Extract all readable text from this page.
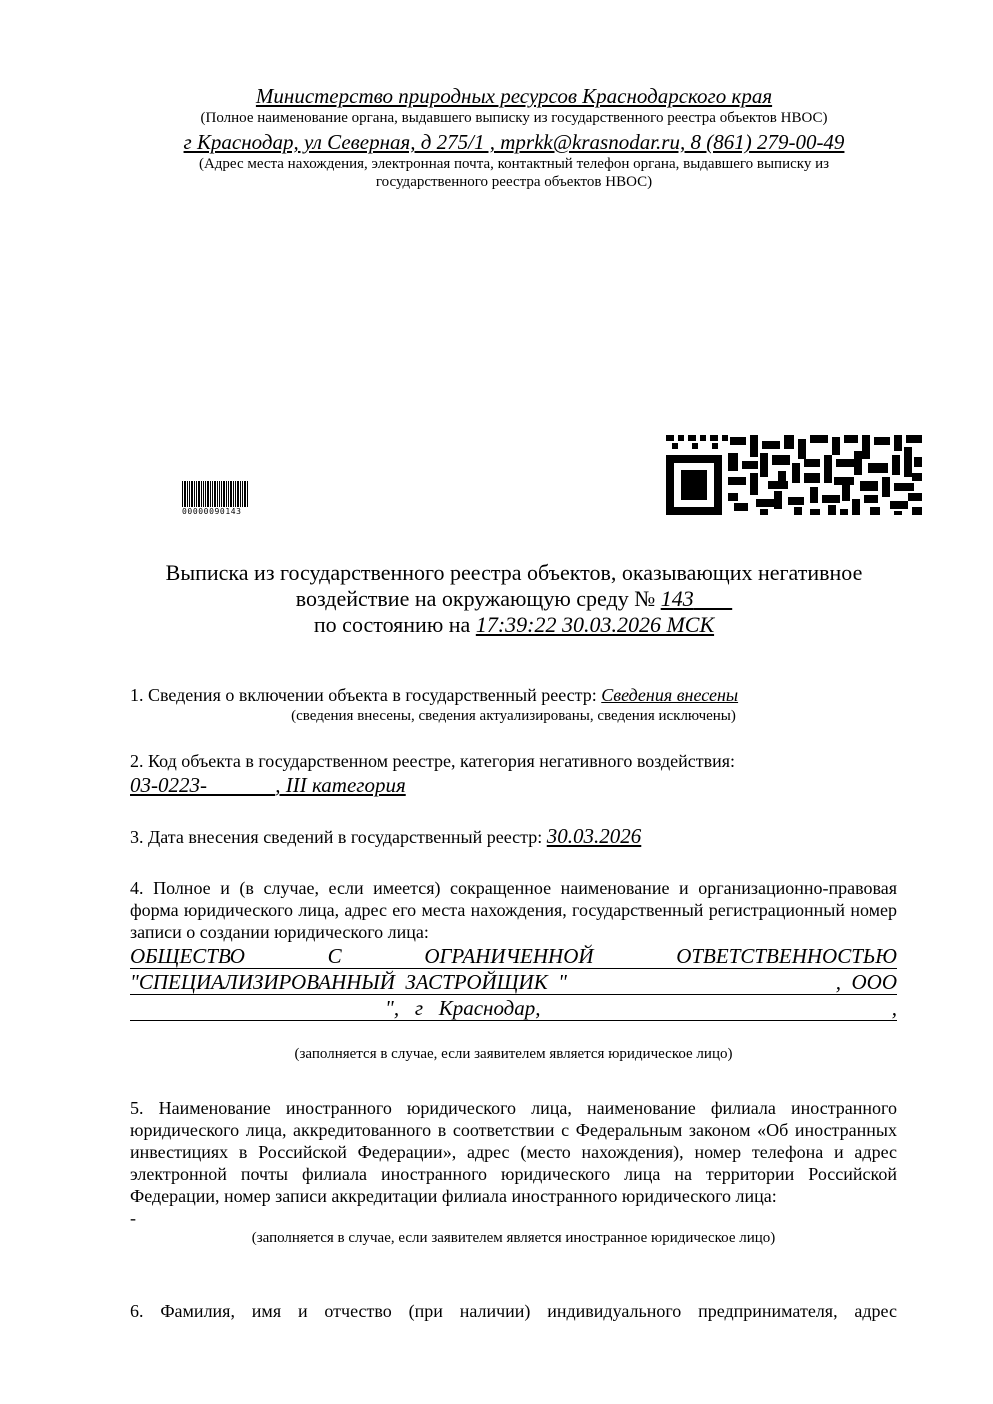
Министерство природных ресурсов Краснодарского края
(Полное наименование органа, выдавшего выписку из государственного реестра объектов НВОС)
г Краснодар, ул Северная, д 275/1 , mprkk@krasnodar.ru, 8 (861) 279-00-49
(Адрес места нахождения, электронная почта, контактный телефон органа, выдавшего выписку из
государственного реестра объектов НВОС)
00000090143
Выписка из государственного реестра объектов, оказывающих негативное
воздействие на окружающую среду № 143
по состоянию на 17:39:22 30.03.2026 МСК
1. Сведения о включении объекта в государственный реестр: Сведения внесены
(сведения внесены, сведения актуализированы, сведения исключены)
2. Код объекта в государственном реестре, категория негативного воздействия:
03-0223-	, III категория
3. Дата внесения сведений в государственный реестр: 30.03.2026
4. Полное и (в случае, если имеется) сокращенное наименование и организационно-правовая форма юридического лица, адрес его места нахождения, государственный регистрационный номер записи о создании юридического лица:
ОБЩЕСТВО	С	ОГРАНИЧЕННОЙ	ОТВЕТСТВЕННОСТЬЮ
"СПЕЦИАЛИЗИРОВАННЫЙ  ЗАСТРОЙЩИК  "	,  ООО
",   г   Краснодар,	,
(заполняется в случае, если заявителем является юридическое лицо)
5. Наименование иностранного юридического лица, наименование филиала иностранного юридического лица, аккредитованного в соответствии с Федеральным законом «Об иностранных инвестициях в Российской Федерации», адрес (место нахождения), номер телефона и адрес электронной почты филиала иностранного юридического лица на территории Российской Федерации, номер записи аккредитации филиала иностранного юридического лица:
-
(заполняется в случае, если заявителем является иностранное юридическое лицо)
6. Фамилия, имя и отчество (при наличии) индивидуального предпринимателя, адрес
